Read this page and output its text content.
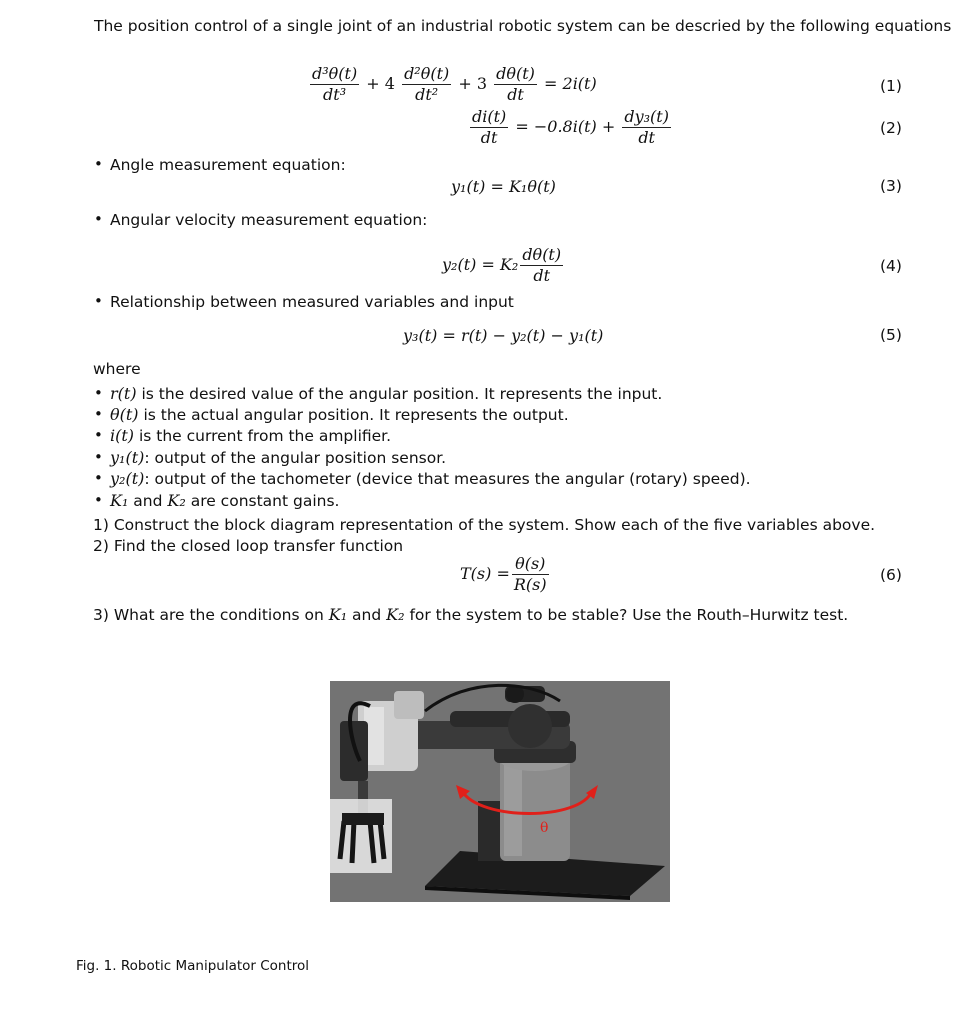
The position control of a single joint of an industrial robotic system can be descried by the following equations
$\frac{\text{d³θ(t)}}{\text{dt³}} + 4 \frac{\text{d²θ(t)}}{\text{dt²}} + 3 \frac{d\theta(t)}{dt} = 2i(t)$	(1)
$\frac{di(t)}{dt} = -0.8i(t) + \frac{\text{dy₃(t)}}{dt}$	(2)
• Angle measurement equation:
y₁(t) = K₁θ(t)	(3)
• Angular velocity measurement equation:
$y_2(t) = K_2 \frac{d\theta(t)}{dt}$	(4)
• Relationship between measured variables and input
y₃(t) = r(t) − y₂(t) − y₁(t)	(5)
where
• r(t) is the desired value of the angular position. It represents the input.
• θ(t) is the actual angular position. It represents the output.
• i(t) is the current from the amplifier.
• y₁(t): output of the angular position sensor.
• y₂(t): output of the tachometer (device that measures the angular (rotary) speed).
• K₁ and K₂ are constant gains.
1) Construct the block diagram representation of the system. Show each of the five variables above.
2) Find the closed loop transfer function
$T(s) = \frac{\theta(s)}{R(s)}$	(6)
3) What are the conditions on K₁ and K₂ for the system to be stable? Use the Routh–Hurwitz test.
θ
Fig. 1. Robotic Manipulator Control
